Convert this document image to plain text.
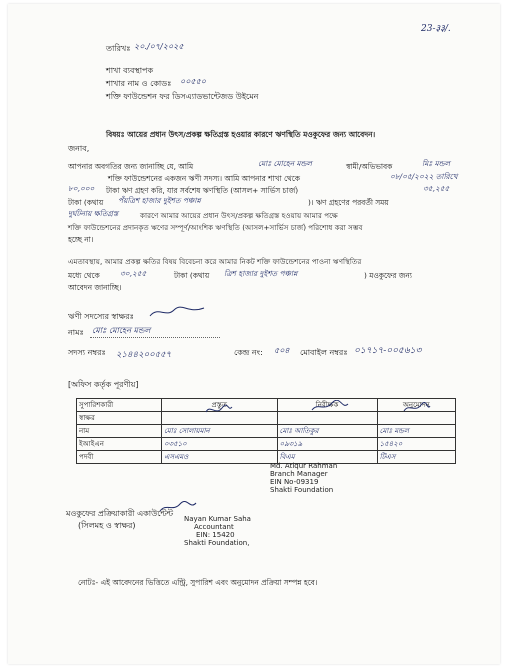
23-३३/.
তারিখঃ ২০./০৭/২০২৫
শাখা ব্যবস্থাপক
শাখার নাম ও কোডঃ ০০৫৫০
শক্তি ফাউন্ডেশন ফর ডিসএ্যাডভান্টেজড উইমেন
বিষয়ঃ আয়ের প্রধান উৎস/প্রকল্প ক্ষতিগ্রস্ত হওয়ার কারণে ঋণস্থিতি মওকুফের জন্য আবেদন।
জনাব,
আপনার অবগতির জন্য জানাচ্ছি যে, আমি	মোঃ মোহেন মন্ডল	স্বামী/অভিভাবক	মিঃ মন্ডল
শক্তি ফাউন্ডেশনের একজন ঋণী সদস্য। আমি আপনার শাখা থেকে	০৮/০৫/২০২২ তারিখে
৮০,০০০ টাকা ঋণ গ্রহণ করি, যার সর্বশেষ ঋণস্থিতি (আসল+ সার্ভিস চার্জ)	৩৫,২৫৫
টাকা (কথায় পঁয়ত্রিশ হাজার দুইশত পঞ্চান্ন	)। ঋণ গ্রহণের পরবর্তী সময়
দুর্ঘটনায় ক্ষতিগ্রস্ত	কারণে আমার আয়ের প্রধান উৎস/প্রকল্প ক্ষতিগ্রস্ত হওয়ায় আমার পক্ষে
শক্তি ফাউন্ডেশনের প্রদানকৃত ঋণের সম্পূর্ণ/আংশিক ঋণস্থিতি (আসল+সার্ভিস চার্জ) পরিশোধ করা সম্ভব
হচ্ছে না।
এমতাবস্থায়, আমার প্রকল্প ক্ষতির বিষয় বিবেচনা করে আমার নিকট শক্তি ফাউন্ডেশনের পাওনা ঋণস্থিতির
মধ্যে থেকে	৩০,২৫৫	টাকা (কথায় ত্রিশ হাজার দুইশত পঞ্চান্ন	) মওকুফের জন্য
আবেদন জানাচ্ছি।
ঋণী সদস্যের স্বাক্ষরঃ
নামঃ মোঃ মোহেন মন্ডল
সদস্য নম্বরঃ ২১৪৪২০০৫৫৭	কেন্দ্র নং: ৫০৪ মোবাইল নম্বরঃ ০১৭১৭-০০৫৬১৩
[অফিস কর্তৃক পূরণীয়]
সুপারিশকারী	প্রস্তুত	নিরীক্ষক	অনুমোদন
স্বাক্ষর			
নাম	মোঃ সোলায়মান	মোঃ আতিকুর	মোঃ মন্ডল
ইআইএন	০৩৫১০	০৯৩১৯	১৫৪২০
পদবী	এসএমও	বিএম	টিএস
Md. Atiqur Rahman
Branch Manager
EIN No-09319
Shakti Foundation
মওকুফের প্রক্রিয়াকারী একাউন্টেন্ট
(সিলমহ ও স্বাক্ষর)
Nayan Kumar Saha
Accountant
EIN: 15420
Shakti Foundation,
নোটঃ- এই আবেদনের ভিত্তিতে এন্ট্রি, সুপারিশ এবং অনুমোদন প্রক্রিয়া সম্পন্ন হবে।
